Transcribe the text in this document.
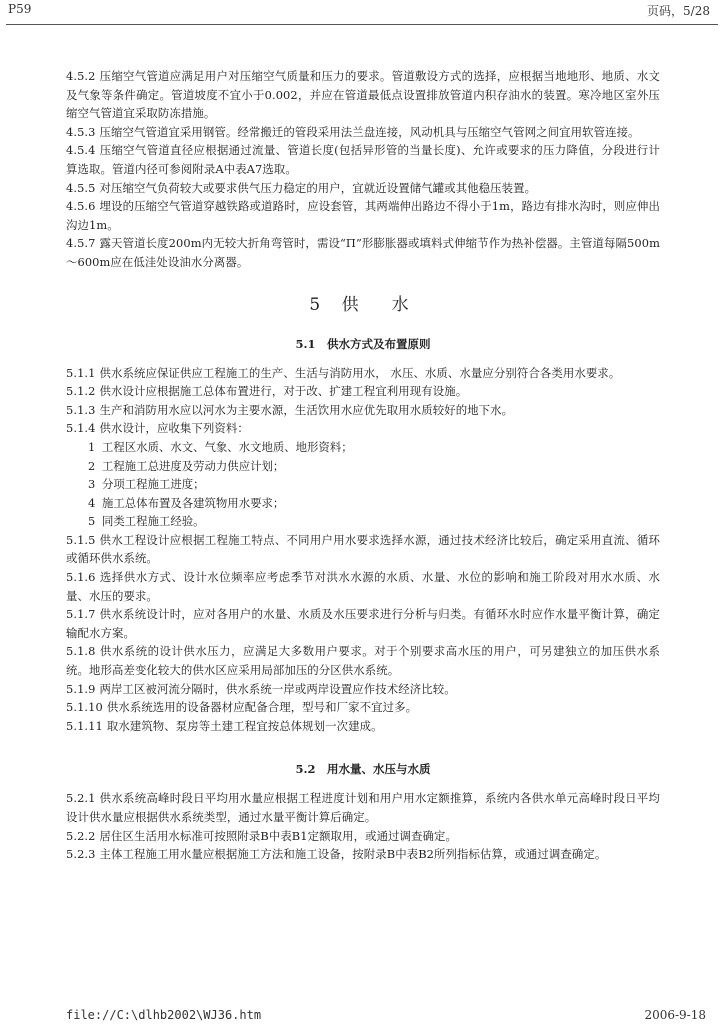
P59	页码，5/28

4.5.2 压缩空气管道应满足用户对压缩空气质量和压力的要求。管道敷设方式的选择，应根据当地地形、地质、水文及气象等条件确定。管道坡度不宜小于0.002，并应在管道最低点设置排放管道内积存油水的装置。寒冷地区室外压缩空气管道宜采取防冻措施。

4.5.3 压缩空气管道宜采用钢管。经常搬迁的管段采用法兰盘连接，风动机具与压缩空气管网之间宜用软管连接。

4.5.4 压缩空气管道直径应根据通过流量、管道长度(包括异形管的当量长度)、允许或要求的压力降值，分段进行计算选取。管道内径可参阅附录A中表A7选取。

4.5.5 对压缩空气负荷较大或要求供气压力稳定的用户，宜就近设置储气罐或其他稳压装置。

4.5.6 埋设的压缩空气管道穿越铁路或道路时，应设套管，其两端伸出路边不得小于1m，路边有排水沟时，则应伸出沟边1m。

4.5.7 露天管道长度200m内无较大折角弯管时，需设“Π”形膨胀器或填料式伸缩节作为热补偿器。主管道每隔500m～600m应在低洼处设油水分离器。

5 供　水
5.1　供水方式及布置原则

5.1.1 供水系统应保证供应工程施工的生产、生活与消防用水， 水压、水质、水量应分别符合各类用水要求。

5.1.2 供水设计应根据施工总体布置进行，对于改、扩建工程宜利用现有设施。

5.1.3 生产和消防用水应以河水为主要水源，生活饮用水应优先取用水质较好的地下水。

5.1.4 供水设计，应收集下列资料：

1 工程区水质、水文、气象、水文地质、地形资料；
2 工程施工总进度及劳动力供应计划；
3 分项工程施工进度；
4 施工总体布置及各建筑物用水要求；
5 同类工程施工经验。

5.1.5 供水工程设计应根据工程施工特点、不同用户用水要求选择水源，通过技术经济比较后，确定采用直流、循环或循环供水系统。

5.1.6 选择供水方式、设计水位频率应考虑季节对洪水水源的水质、水量、水位的影响和施工阶段对用水水质、水量、水压的要求。

5.1.7 供水系统设计时，应对各用户的水量、水质及水压要求进行分析与归类。有循环水时应作水量平衡计算，确定输配水方案。

5.1.8 供水系统的设计供水压力，应满足大多数用户要求。对于个别要求高水压的用户，可另建独立的加压供水系统。地形高差变化较大的供水区应采用局部加压的分区供水系统。

5.1.9 两岸工区被河流分隔时，供水系统一岸或两岸设置应作技术经济比较。

5.1.10 供水系统选用的设备器材应配备合理，型号和厂家不宜过多。

5.1.11 取水建筑物、泵房等土建工程宜按总体规划一次建成。

5.2　用水量、水压与水质

5.2.1 供水系统高峰时段日平均用水量应根据工程进度计划和用户用水定额推算，系统内各供水单元高峰时段日平均设计供水量应根据供水系统类型，通过水量平衡计算后确定。

5.2.2 居住区生活用水标准可按照附录B中表B1定额取用，或通过调查确定。

5.2.3 主体工程施工用水量应根据施工方法和施工设备，按附录B中表B2所列指标估算，或通过调查确定。

file://C:\dlhb2002\WJ36.htm	2006-9-18
